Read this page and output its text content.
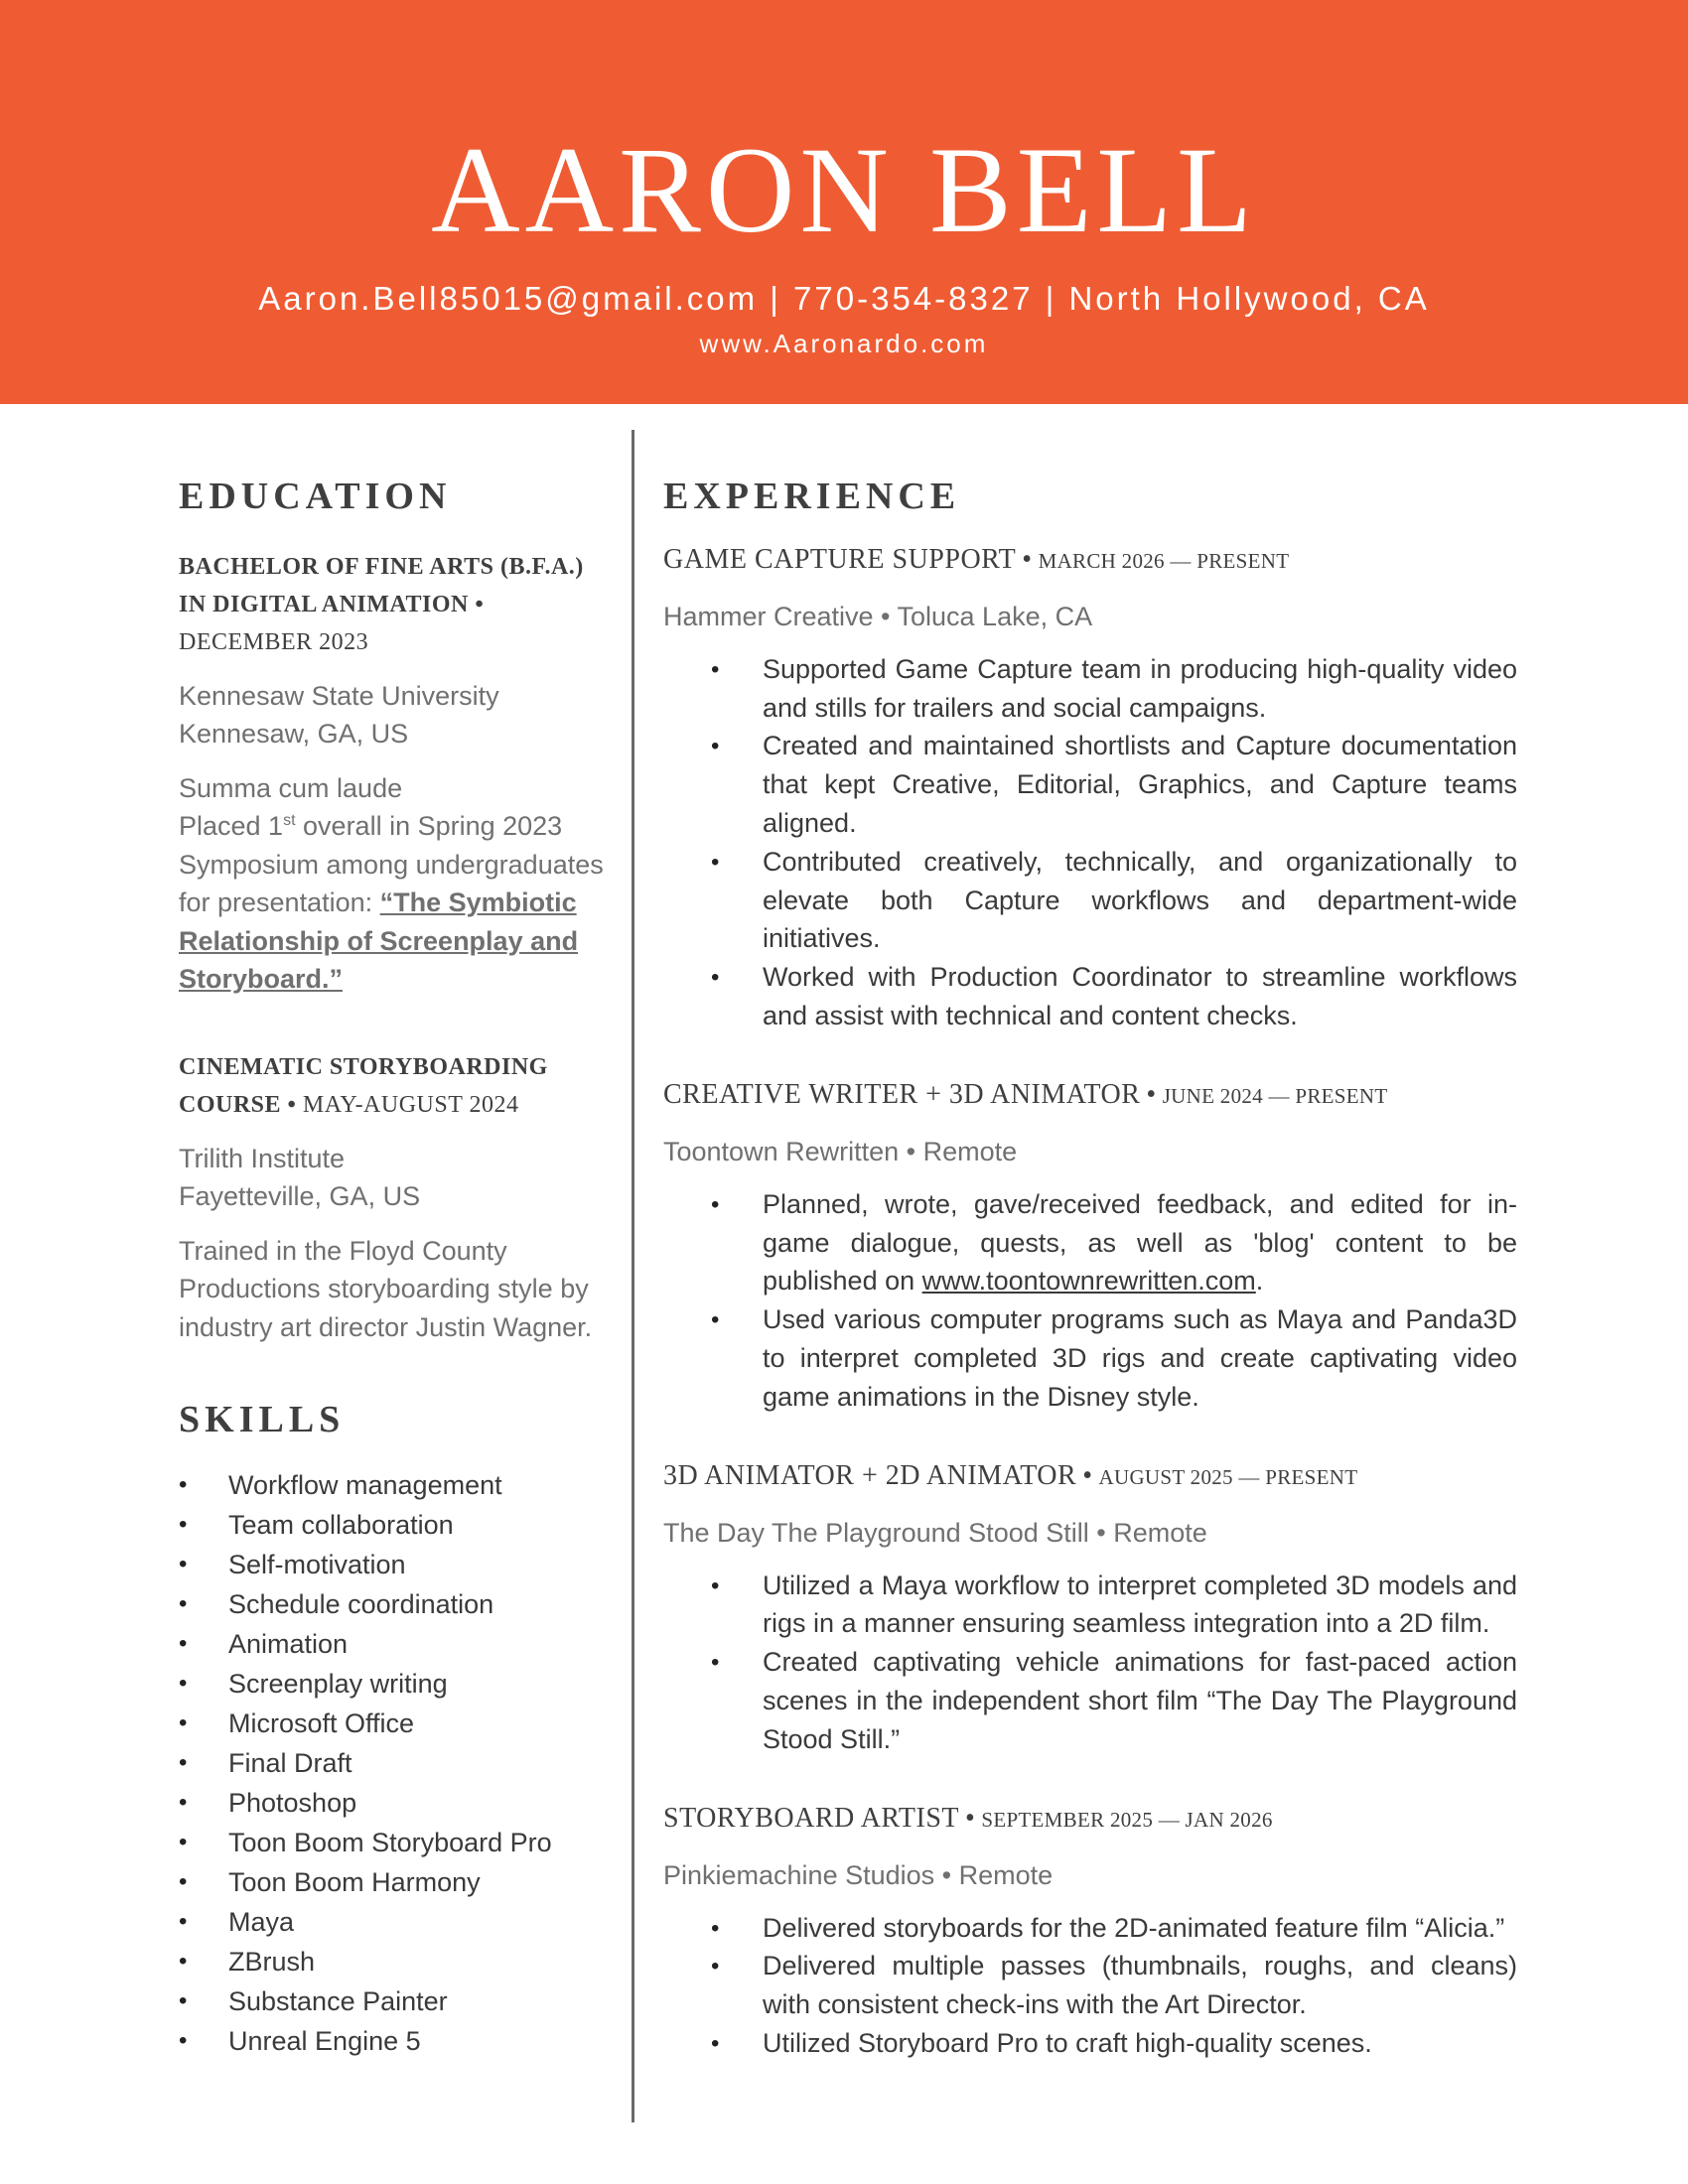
AARON BELL
Aaron.Bell85015@gmail.com | 770-354-8327 | North Hollywood, CA
www.Aaronardo.com
EDUCATION
BACHELOR OF FINE ARTS (B.F.A.)
IN DIGITAL ANIMATION •
DECEMBER 2023
Kennesaw State University
Kennesaw, GA, US
Summa cum laude
Placed 1st overall in Spring 2023
Symposium among undergraduates
for presentation: “The Symbiotic
Relationship of Screenplay and
Storyboard.”
CINEMATIC STORYBOARDING
COURSE • MAY-AUGUST 2024
Trilith Institute
Fayetteville, GA, US
Trained in the Floyd County
Productions storyboarding style by
industry art director Justin Wagner.
SKILLS
• Workflow management
• Team collaboration
• Self-motivation
• Schedule coordination
• Animation
• Screenplay writing
• Microsoft Office
• Final Draft
• Photoshop
• Toon Boom Storyboard Pro
• Toon Boom Harmony
• Maya
• ZBrush
• Substance Painter
• Unreal Engine 5
EXPERIENCE
GAME CAPTURE SUPPORT • MARCH 2026 — PRESENT
Hammer Creative • Toluca Lake, CA
• Supported Game Capture team in producing high-quality video and stills for trailers and social campaigns.
• Created and maintained shortlists and Capture documentation that kept Creative, Editorial, Graphics, and Capture teams aligned.
• Contributed creatively, technically, and organizationally to elevate both Capture workflows and department-wide initiatives.
• Worked with Production Coordinator to streamline workflows and assist with technical and content checks.
CREATIVE WRITER + 3D ANIMATOR • JUNE 2024 — PRESENT
Toontown Rewritten • Remote
• Planned, wrote, gave/received feedback, and edited for in-game dialogue, quests, as well as 'blog' content to be published on www.toontownrewritten.com.
• Used various computer programs such as Maya and Panda3D to interpret completed 3D rigs and create captivating video game animations in the Disney style.
3D ANIMATOR + 2D ANIMATOR • AUGUST 2025 — PRESENT
The Day The Playground Stood Still • Remote
• Utilized a Maya workflow to interpret completed 3D models and rigs in a manner ensuring seamless integration into a 2D film.
• Created captivating vehicle animations for fast-paced action scenes in the independent short film “The Day The Playground Stood Still.”
STORYBOARD ARTIST • SEPTEMBER 2025 — JAN 2026
Pinkiemachine Studios • Remote
• Delivered storyboards for the 2D-animated feature film “Alicia.”
• Delivered multiple passes (thumbnails, roughs, and cleans) with consistent check-ins with the Art Director.
• Utilized Storyboard Pro to craft high-quality scenes.
